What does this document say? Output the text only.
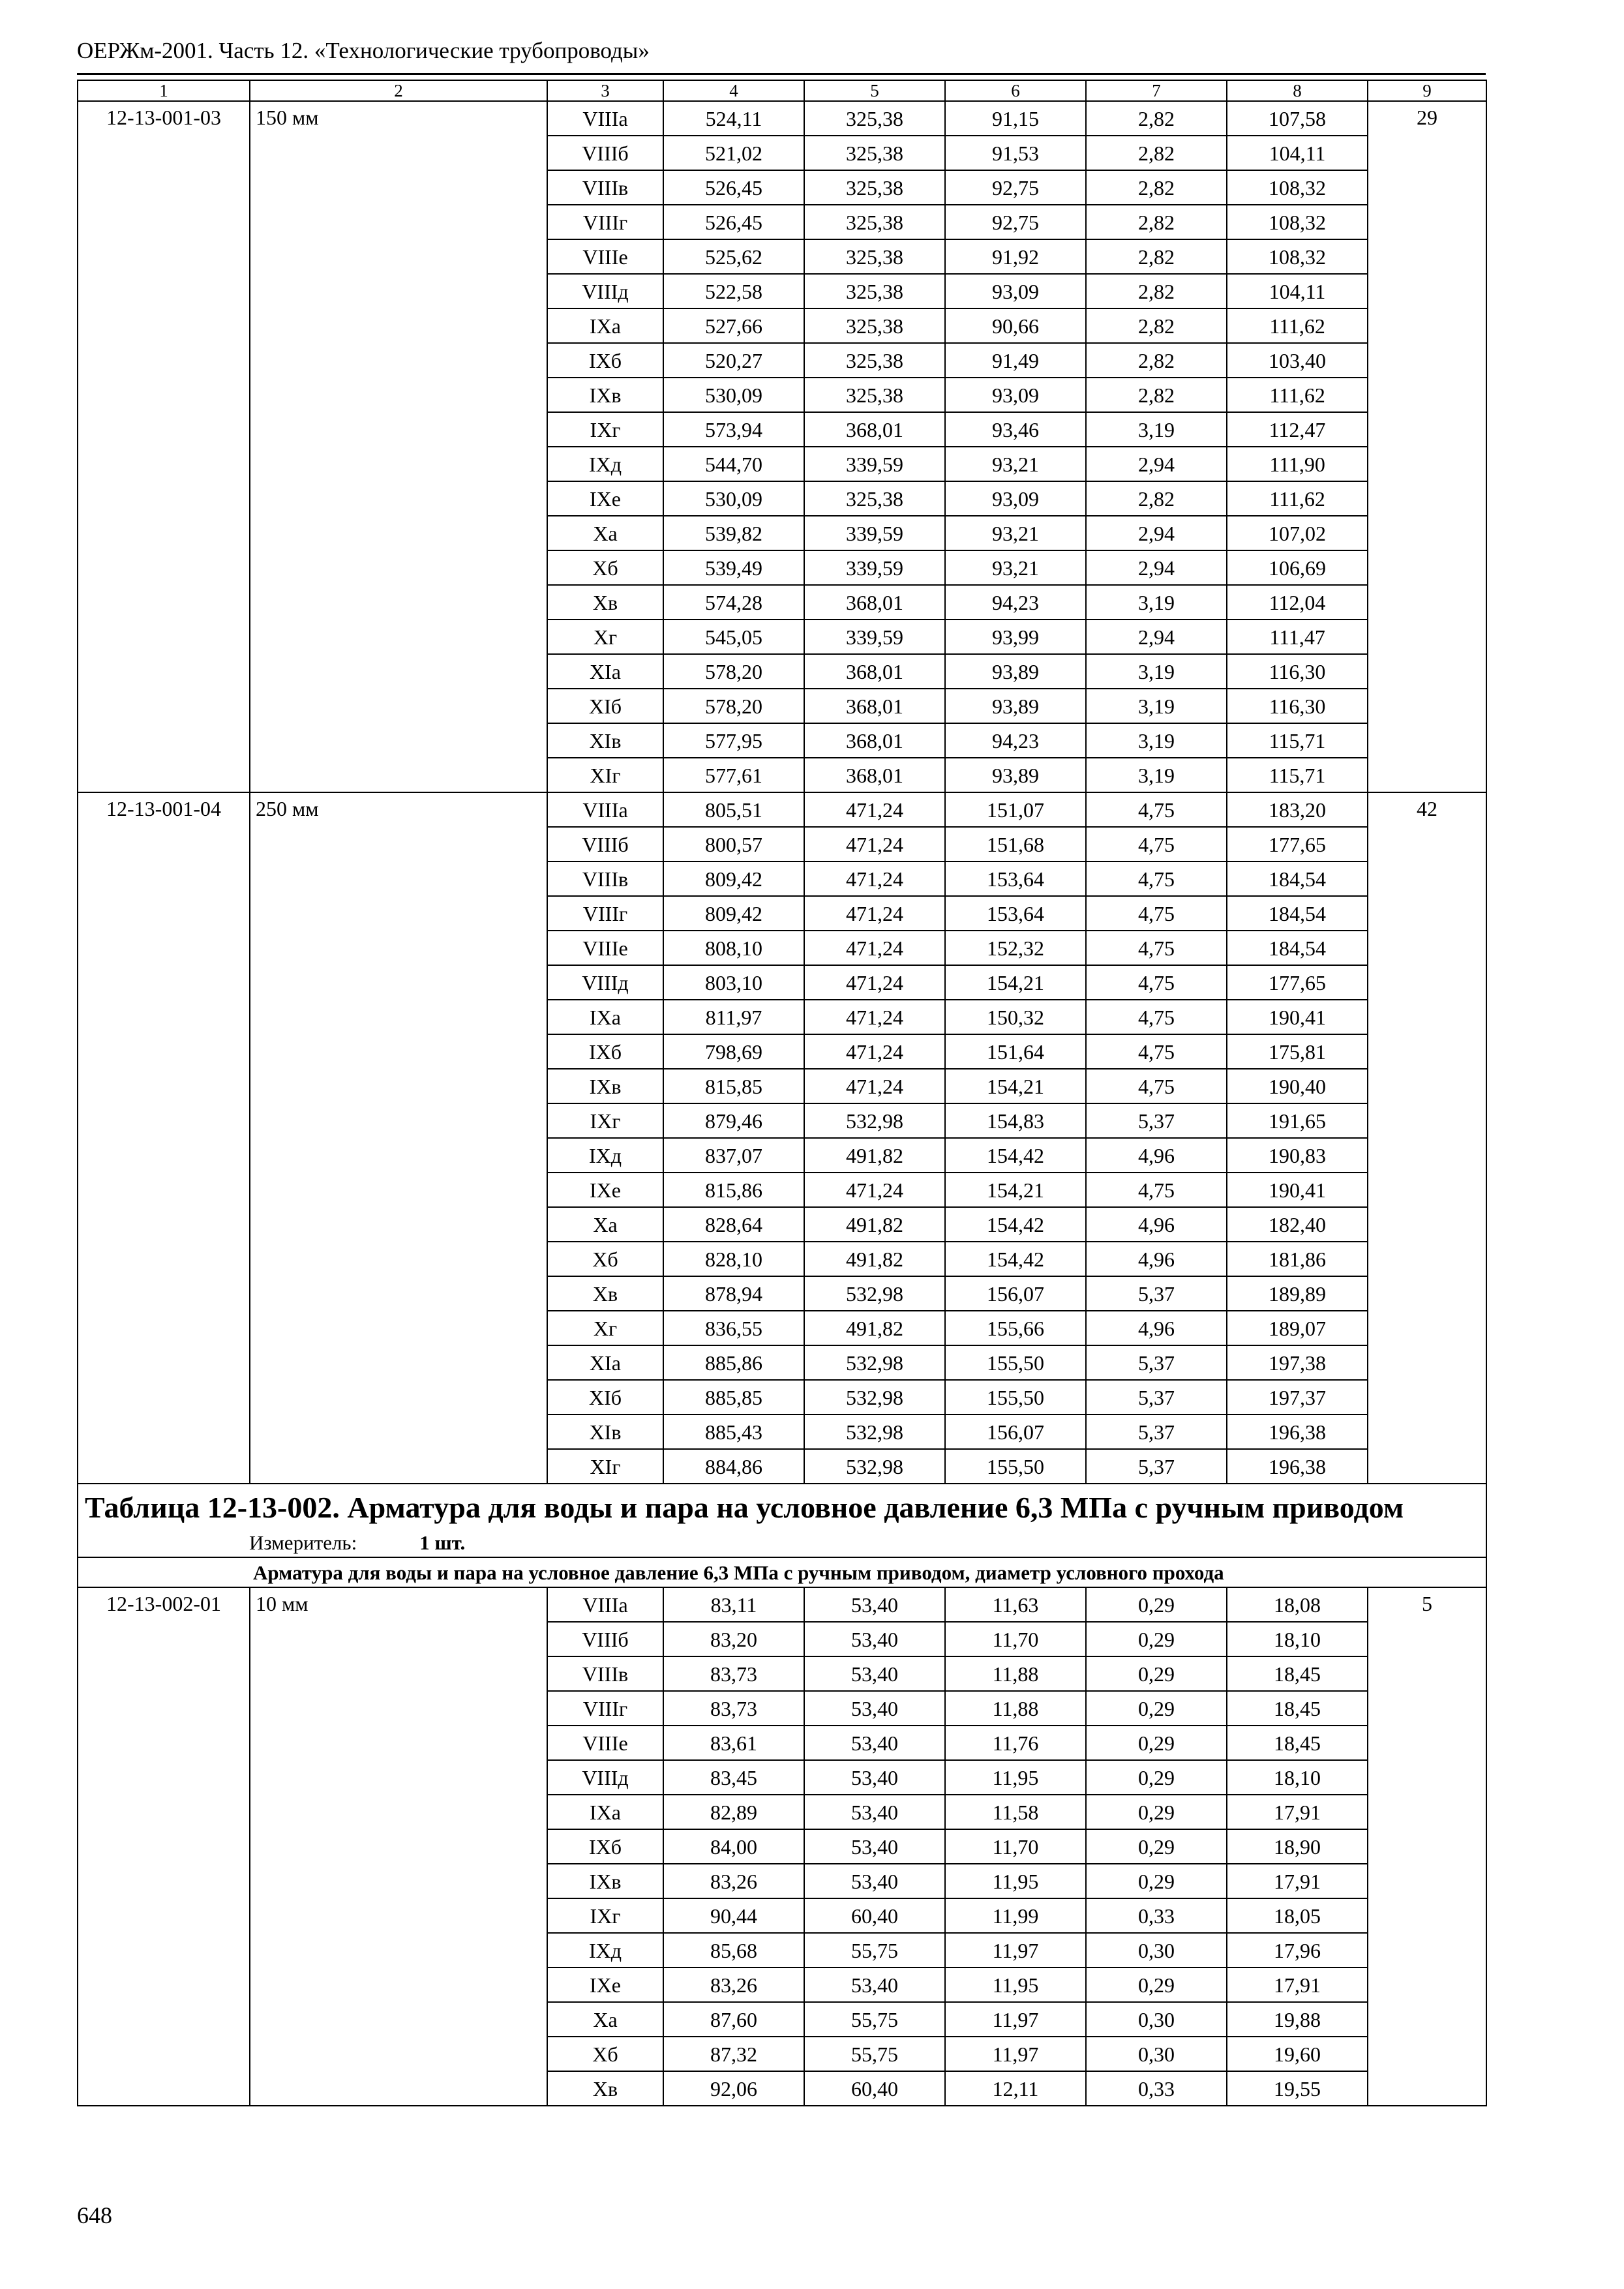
ОЕРЖм-2001. Часть 12. «Технологические трубопроводы»
1	2	3	4	5	6	7	8	9
12-13-001-03	150 мм	VIIIа	524,11	325,38	91,15	2,82	107,58	29
		VIIIб	521,02	325,38	91,53	2,82	104,11	
		VIIIв	526,45	325,38	92,75	2,82	108,32	
		VIIIг	526,45	325,38	92,75	2,82	108,32	
		VIIIе	525,62	325,38	91,92	2,82	108,32	
		VIIIд	522,58	325,38	93,09	2,82	104,11	
		IХа	527,66	325,38	90,66	2,82	111,62	
		IХб	520,27	325,38	91,49	2,82	103,40	
		IХв	530,09	325,38	93,09	2,82	111,62	
		IХг	573,94	368,01	93,46	3,19	112,47	
		IХд	544,70	339,59	93,21	2,94	111,90	
		IХе	530,09	325,38	93,09	2,82	111,62	
		Ха	539,82	339,59	93,21	2,94	107,02	
		Хб	539,49	339,59	93,21	2,94	106,69	
		Хв	574,28	368,01	94,23	3,19	112,04	
		Хг	545,05	339,59	93,99	2,94	111,47	
		ХIа	578,20	368,01	93,89	3,19	116,30	
		ХIб	578,20	368,01	93,89	3,19	116,30	
		ХIв	577,95	368,01	94,23	3,19	115,71	
		ХIг	577,61	368,01	93,89	3,19	115,71	
12-13-001-04	250 мм	VIIIа	805,51	471,24	151,07	4,75	183,20	42
		VIIIб	800,57	471,24	151,68	4,75	177,65	
		VIIIв	809,42	471,24	153,64	4,75	184,54	
		VIIIг	809,42	471,24	153,64	4,75	184,54	
		VIIIе	808,10	471,24	152,32	4,75	184,54	
		VIIIд	803,10	471,24	154,21	4,75	177,65	
		IХа	811,97	471,24	150,32	4,75	190,41	
		IХб	798,69	471,24	151,64	4,75	175,81	
		IХв	815,85	471,24	154,21	4,75	190,40	
		IХг	879,46	532,98	154,83	5,37	191,65	
		IХд	837,07	491,82	154,42	4,96	190,83	
		IХе	815,86	471,24	154,21	4,75	190,41	
		Ха	828,64	491,82	154,42	4,96	182,40	
		Хб	828,10	491,82	154,42	4,96	181,86	
		Хв	878,94	532,98	156,07	5,37	189,89	
		Хг	836,55	491,82	155,66	4,96	189,07	
		ХIа	885,86	532,98	155,50	5,37	197,38	
		ХIб	885,85	532,98	155,50	5,37	197,37	
		ХIв	885,43	532,98	156,07	5,37	196,38	
		ХIг	884,86	532,98	155,50	5,37	196,38	

Таблица 12-13-002. Арматура для воды и пара на условное давление 6,3 МПа с ручным приводом
Измеритель: 1 шт.								

Арматура для воды и пара на условное давление 6,3 МПа с ручным приводом, диаметр условного прохода								
12-13-002-01	10 мм	VIIIа	83,11	53,40	11,63	0,29	18,08	5
		VIIIб	83,20	53,40	11,70	0,29	18,10	
		VIIIв	83,73	53,40	11,88	0,29	18,45	
		VIIIг	83,73	53,40	11,88	0,29	18,45	
		VIIIе	83,61	53,40	11,76	0,29	18,45	
		VIIIд	83,45	53,40	11,95	0,29	18,10	
		IХа	82,89	53,40	11,58	0,29	17,91	
		IХб	84,00	53,40	11,70	0,29	18,90	
		IХв	83,26	53,40	11,95	0,29	17,91	
		IХг	90,44	60,40	11,99	0,33	18,05	
		IХд	85,68	55,75	11,97	0,30	17,96	
		IХе	83,26	53,40	11,95	0,29	17,91	
		Ха	87,60	55,75	11,97	0,30	19,88	
		Хб	87,32	55,75	11,97	0,30	19,60	
		Хв	92,06	60,40	12,11	0,33	19,55	
648
